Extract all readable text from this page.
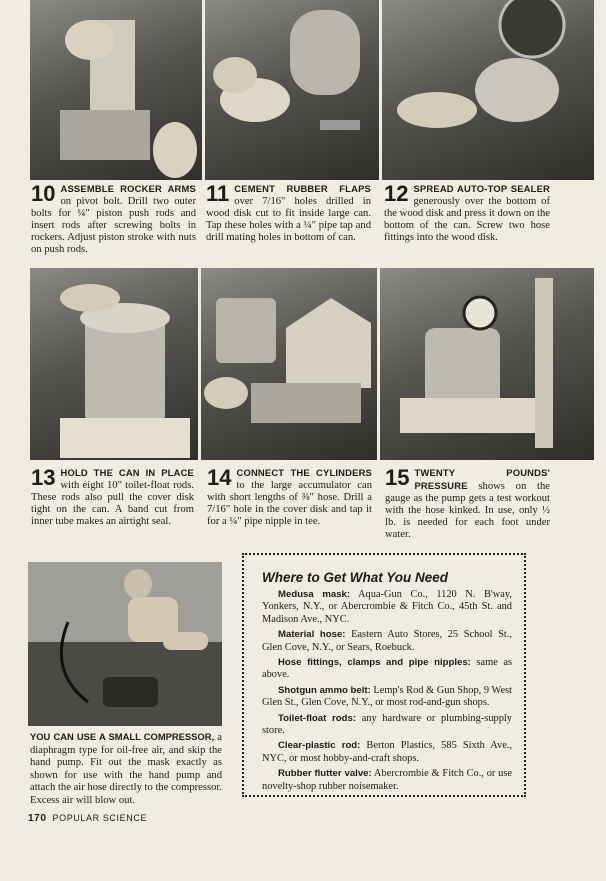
10 ASSEMBLE ROCKER ARMS on pivot bolt. Drill two outer bolts for ¼" piston push rods and insert rods after screwing bolts in rockers. Adjust piston stroke with nuts on push rods.
11 CEMENT RUBBER FLAPS over 7/16" holes drilled in wood disk cut to fit inside large can. Tap these holes with a ¼" pipe tap and drill mating holes in bottom of can.
12 SPREAD AUTO-TOP SEALER generously over the bottom of the wood disk and press it down on the bottom of the can. Screw two hose fittings into the wood disk.
13 HOLD THE CAN IN PLACE with eight 10" toilet-float rods. These rods also pull the cover disk tight on the can. A band cut from inner tube makes an airtight seal.
14 CONNECT THE CYLINDERS to the large accumulator can with short lengths of ⅜" hose. Drill a 7/16" hole in the cover disk and tap it for a ¼" pipe nipple in tee.
15 TWENTY POUNDS' PRESSURE shows on the gauge as the pump gets a test workout with the hose kinked. In use, only ½ lb. is needed for each foot under water.
YOU CAN USE A SMALL COMPRESSOR, a diaphragm type for oil-free air, and skip the hand pump. Fit out the mask exactly as shown for use with the hand pump and attach the air hose directly to the compressor. Excess air will blow out.
Where to Get What You Need
Medusa mask: Aqua-Gun Co., 1120 N. B'way, Yonkers, N.Y., or Abercrombie & Fitch Co., 45th St. and Madison Ave., NYC.
Material hose: Eastern Auto Stores, 25 School St., Glen Cove, N.Y., or Sears, Roebuck.
Hose fittings, clamps and pipe nipples: same as above.
Shotgun ammo belt: Lemp's Rod & Gun Shop, 9 West Glen St., Glen Cove, N.Y., or most rod-and-gun shops.
Toilet-float rods: any hardware or plumbing-supply store.
Clear-plastic rod: Berton Plastics, 585 Sixth Ave., NYC, or most hobby-and-craft shops.
Rubber flutter valve: Abercrombie & Fitch Co., or use novelty-shop rubber noisemaker.
170 POPULAR SCIENCE
